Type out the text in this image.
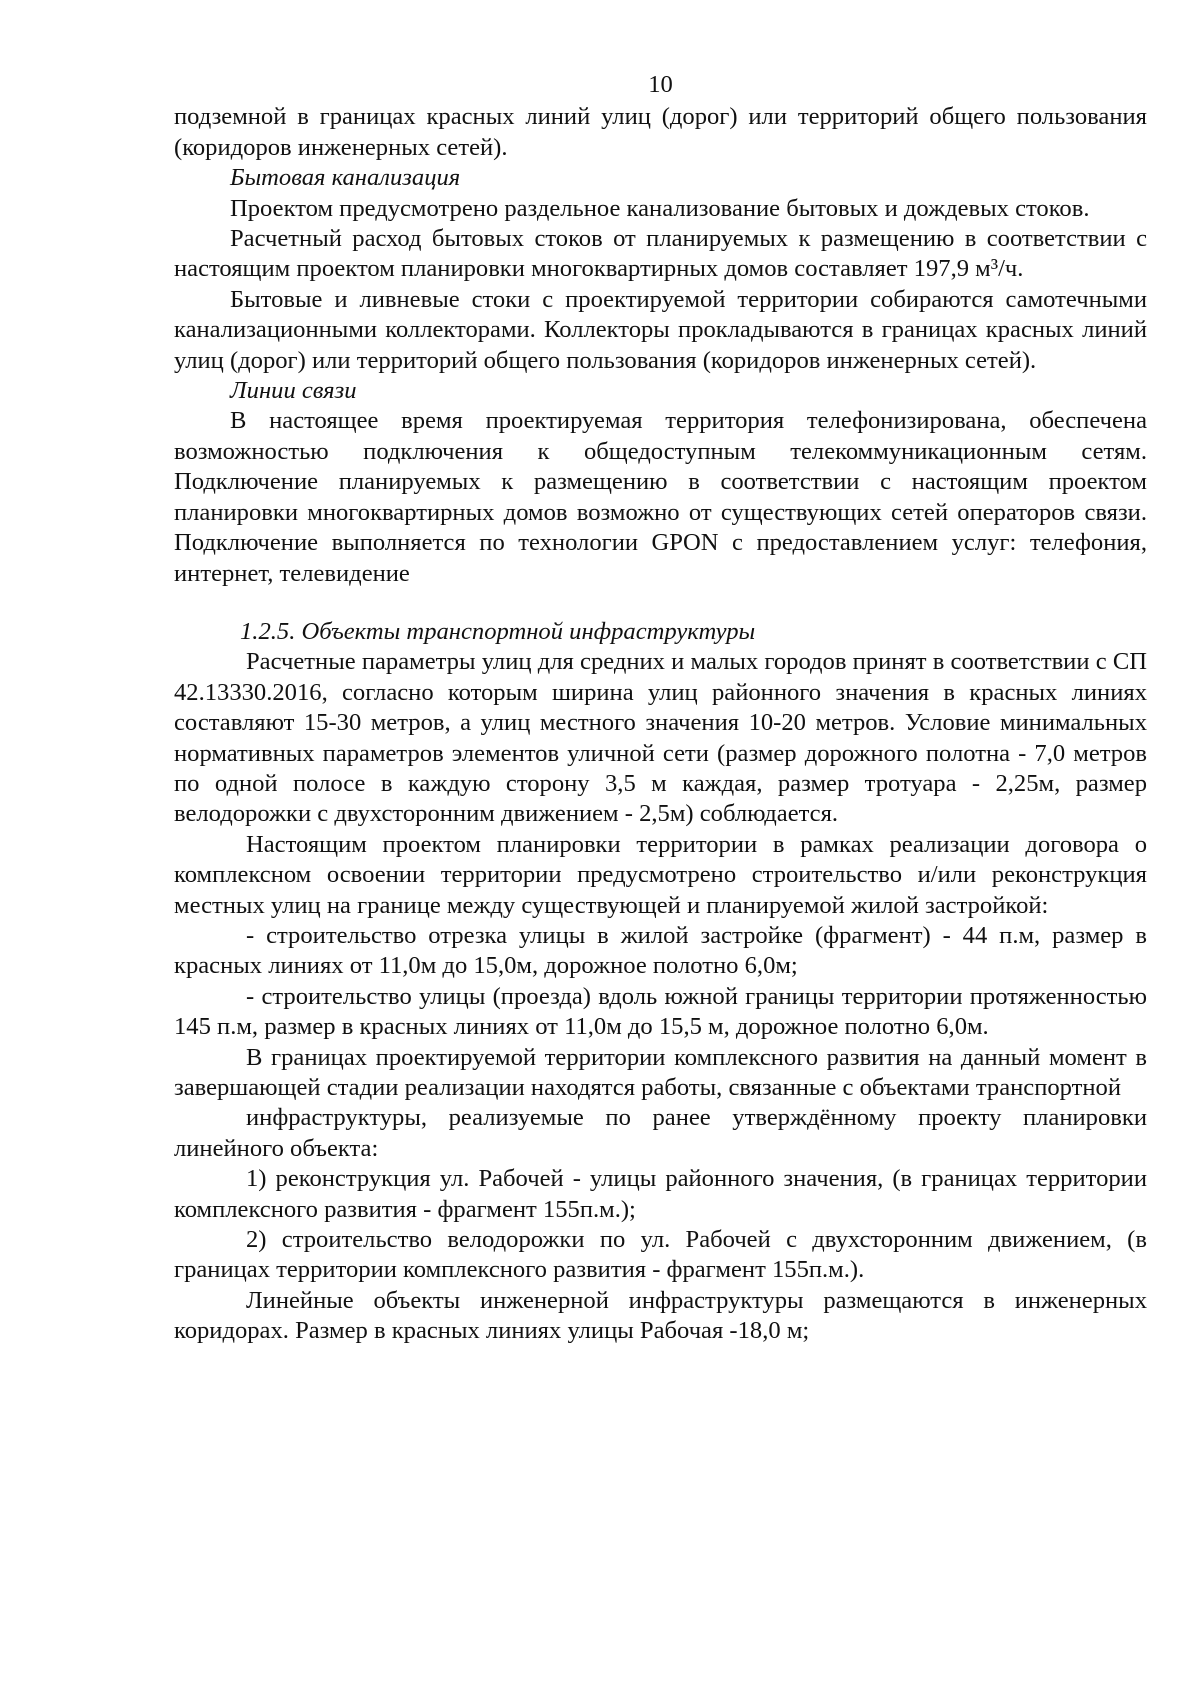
10

подземной в границах красных линий улиц (дорог) или территорий общего пользования (коридоров инженерных сетей).

Бытовая канализация

Проектом предусмотрено раздельное канализование бытовых и дождевых стоков.

Расчетный расход бытовых стоков от планируемых к размещению в соответствии с настоящим проектом планировки многоквартирных домов составляет 197,9 м³/ч.

Бытовые и ливневые стоки с проектируемой территории собираются самотечными канализационными коллекторами. Коллекторы прокладываются в границах красных линий улиц (дорог) или территорий общего пользования (коридоров инженерных сетей).

Линии связи

В настоящее время проектируемая территория телефонизирована, обеспечена возможностью подключения к общедоступным телекоммуникационным сетям. Подключение планируемых к размещению в соответствии с настоящим проектом планировки многоквартирных домов возможно от существующих сетей операторов связи. Подключение выполняется по технологии GPON с предоставлением услуг: телефония, интернет, телевидение

1.2.5. Объекты транспортной инфраструктуры

Расчетные параметры улиц для средних и малых городов принят в соответствии с СП 42.13330.2016, согласно которым ширина улиц районного значения в красных линиях составляют 15-30 метров, а улиц местного значения 10-20 метров. Условие минимальных нормативных параметров элементов уличной сети (размер дорожного полотна - 7,0 метров по одной полосе в каждую сторону 3,5 м каждая, размер тротуара - 2,25м, размер велодорожки с двухсторонним движением - 2,5м) соблюдается.

Настоящим проектом планировки территории в рамках реализации договора о комплексном освоении территории предусмотрено строительство и/или реконструкция местных улиц на границе между существующей и планируемой жилой застройкой:

- строительство отрезка улицы в жилой застройке (фрагмент) - 44 п.м, размер в красных линиях от 11,0м до 15,0м, дорожное полотно 6,0м;

- строительство улицы (проезда) вдоль южной границы территории протяженностью 145 п.м, размер в красных линиях от 11,0м до 15,5 м, дорожное полотно 6,0м.

В границах проектируемой территории комплексного развития на данный момент в завершающей стадии реализации находятся работы, связанные с объектами транспортной

инфраструктуры, реализуемые по ранее утверждённому проекту планировки линейного объекта:

1) реконструкция ул. Рабочей - улицы районного значения, (в границах территории комплексного развития - фрагмент 155п.м.);

2) строительство велодорожки по ул. Рабочей с двухсторонним движением, (в границах территории комплексного развития - фрагмент 155п.м.).

Линейные объекты инженерной инфраструктуры размещаются в инженерных коридорах. Размер в красных линиях улицы Рабочая -18,0 м;
